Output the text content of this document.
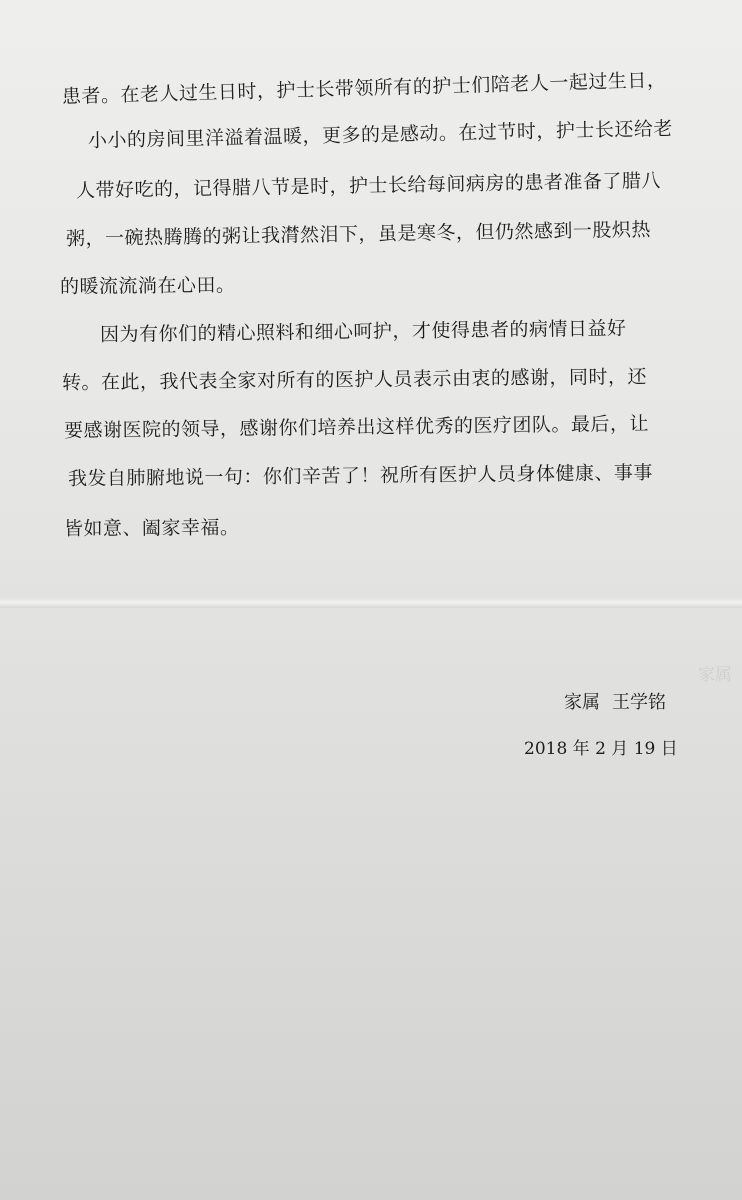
患者。在老人过生日时，护士长带领所有的护士们陪老人一起过生日，
小小的房间里洋溢着温暖，更多的是感动。在过节时，护士长还给老
人带好吃的，记得腊八节是时，护士长给每间病房的患者准备了腊八
粥，一碗热腾腾的粥让我潸然泪下，虽是寒冬，但仍然感到一股炽热
的暖流流淌在心田。
因为有你们的精心照料和细心呵护，才使得患者的病情日益好
转。在此，我代表全家对所有的医护人员表示由衷的感谢，同时，还
要感谢医院的领导，感谢你们培养出这样优秀的医疗团队。最后，让
我发自肺腑地说一句：你们辛苦了！祝所有医护人员身体健康、事事
皆如意、阖家幸福。
家属
家属 王学铭
2018 年 2 月 19 日
